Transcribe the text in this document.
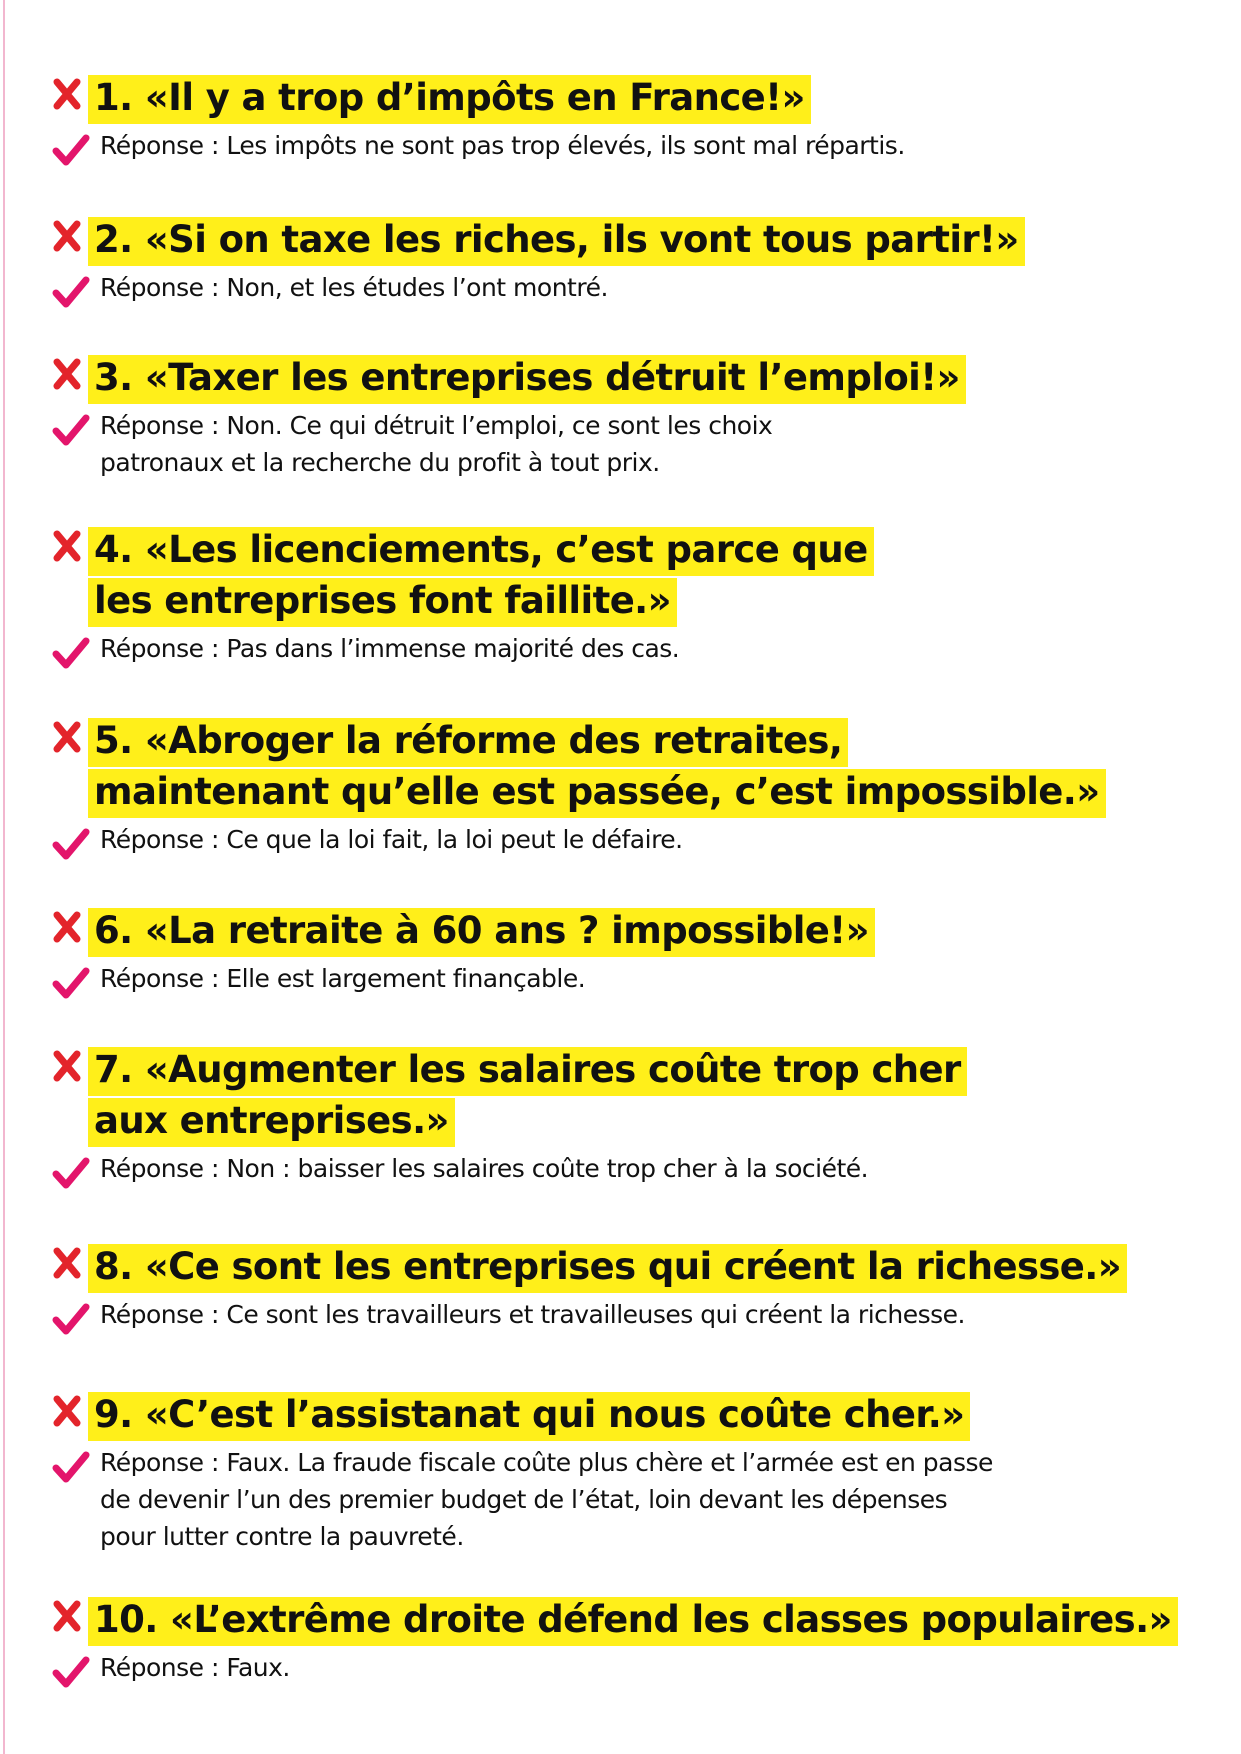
1. «Il y a trop d’impôts en France!»
Réponse : Les impôts ne sont pas trop élevés, ils sont mal répartis.
2. «Si on taxe les riches, ils vont tous partir!»
Réponse : Non, et les études l’ont montré.
3. «Taxer les entreprises détruit l’emploi!»
Réponse : Non. Ce qui détruit l’emploi, ce sont les choix
patronaux et la recherche du profit à tout prix.
4. «Les licenciements, c’est parce que
les entreprises font faillite.»
Réponse : Pas dans l’immense majorité des cas.
5. «Abroger la réforme des retraites,
maintenant qu’elle est passée, c’est impossible.»
Réponse : Ce que la loi fait, la loi peut le défaire.
6. «La retraite à 60 ans ? impossible!»
Réponse : Elle est largement finançable.
7. «Augmenter les salaires coûte trop cher
aux entreprises.»
Réponse : Non : baisser les salaires coûte trop cher à la société.
8. «Ce sont les entreprises qui créent la richesse.»
Réponse : Ce sont les travailleurs et travailleuses qui créent la richesse.
9. «C’est l’assistanat qui nous coûte cher.»
Réponse : Faux. La fraude fiscale coûte plus chère et l’armée est en passe
de devenir l’un des premier budget de l’état, loin devant les dépenses
pour lutter contre la pauvreté.
10. «L’extrême droite défend les classes populaires.»
Réponse : Faux.
